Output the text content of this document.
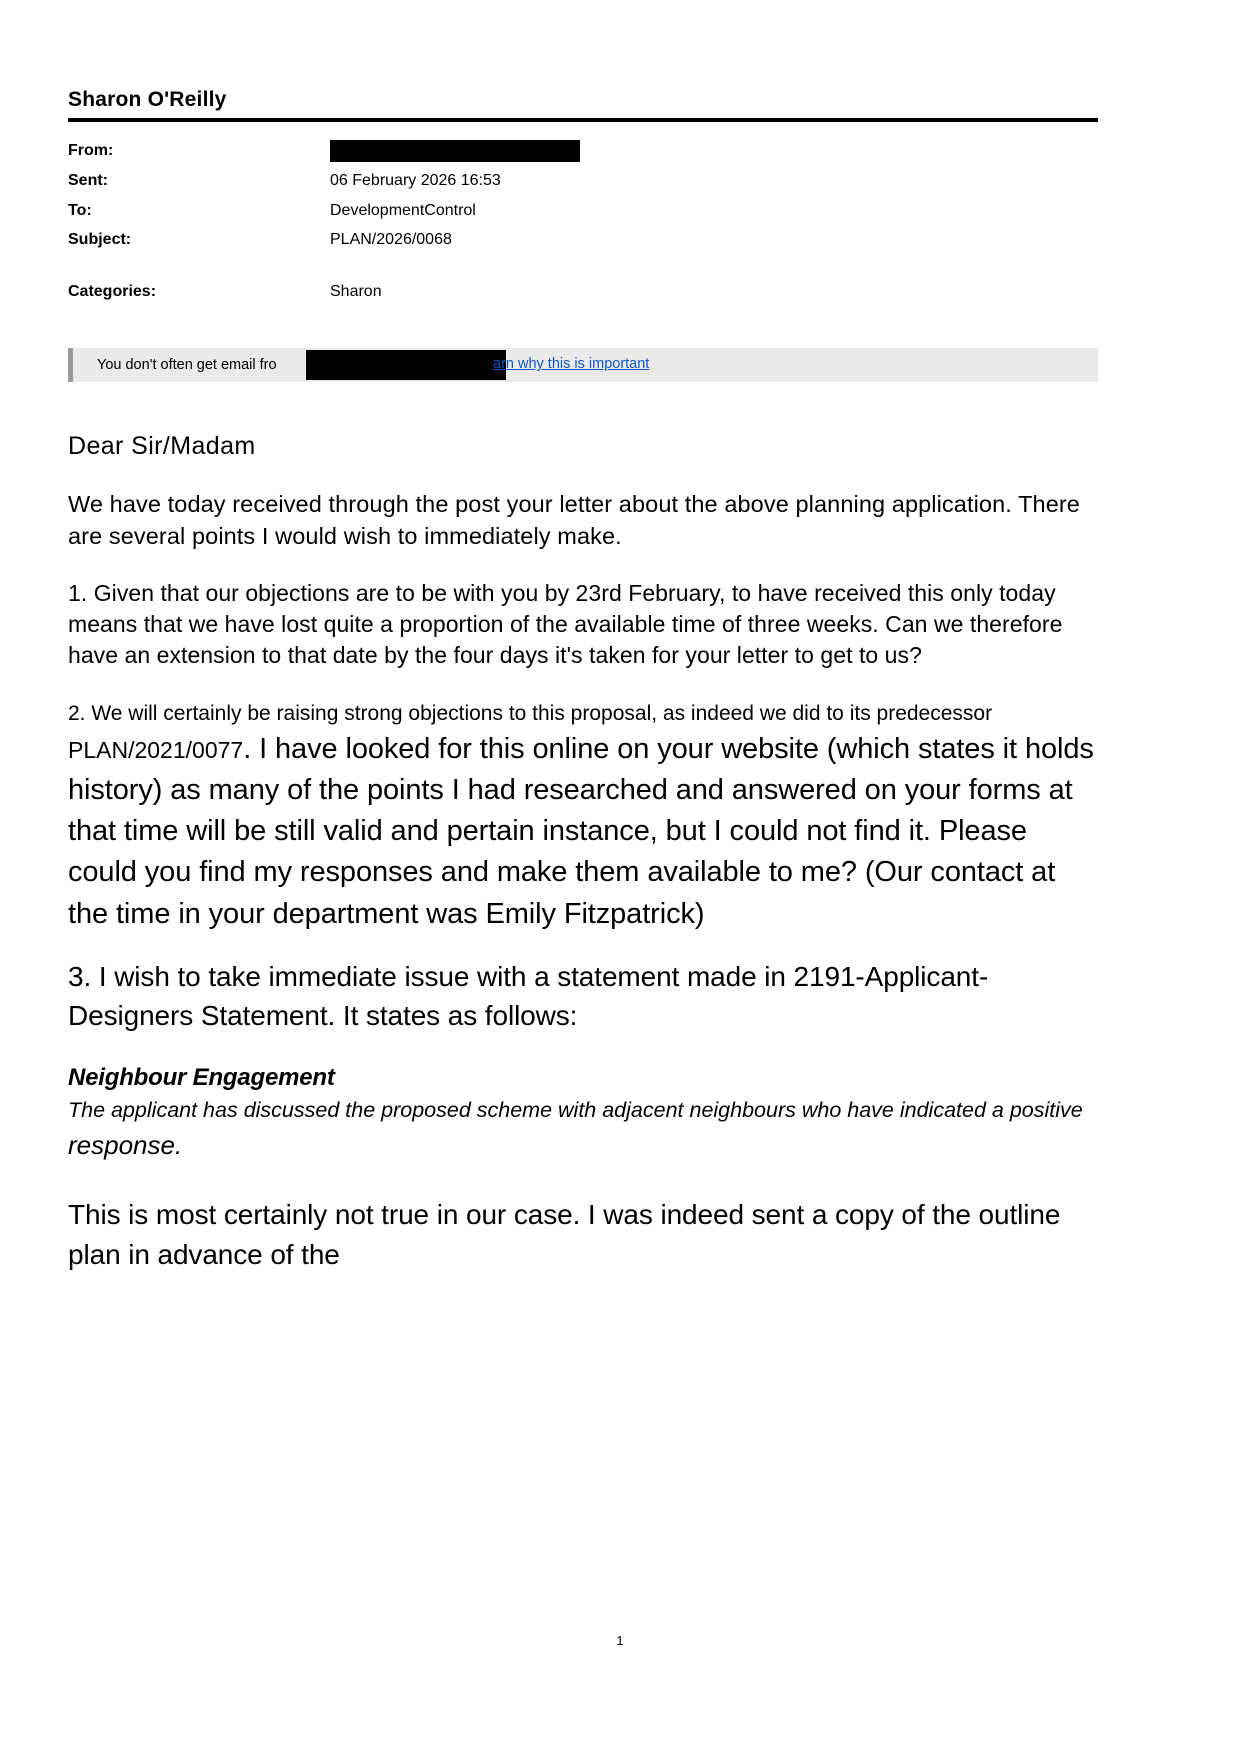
Sharon O'Reilly
From:	
Sent:	06 February 2026 16:53
To:	DevelopmentControl
Subject:	PLAN/2026/0068

Categories:	Sharon
You don't often get email fro	arn why this is important

Dear Sir/Madam

We have today received through the post your letter about the above planning application. There are several points I would wish to immediately make.

1. Given that our objections are to be with you by 23rd February, to have received this only today means that we have lost quite a proportion of the available time of three weeks. Can we therefore have an extension to that date by the four days it's taken for your letter to get to us?

2. We will certainly be raising strong objections to this proposal, as indeed we did to its predecessor PLAN/2021/0077. I have looked for this online on your website (which states it holds history) as many of the points I had researched and answered on your forms at that time will be still valid and pertain instance, but I could not find it. Please could you find my responses and make them available to me? (Our contact at the time in your department was Emily Fitzpatrick)

3. I wish to take immediate issue with a statement made in 2191-Applicant-Designers Statement. It states as follows:

Neighbour Engagement

The applicant has discussed the proposed scheme with adjacent neighbours who have indicated a positive response.

This is most certainly not true in our case. I was indeed sent a copy of the outline plan in advance of the

1
